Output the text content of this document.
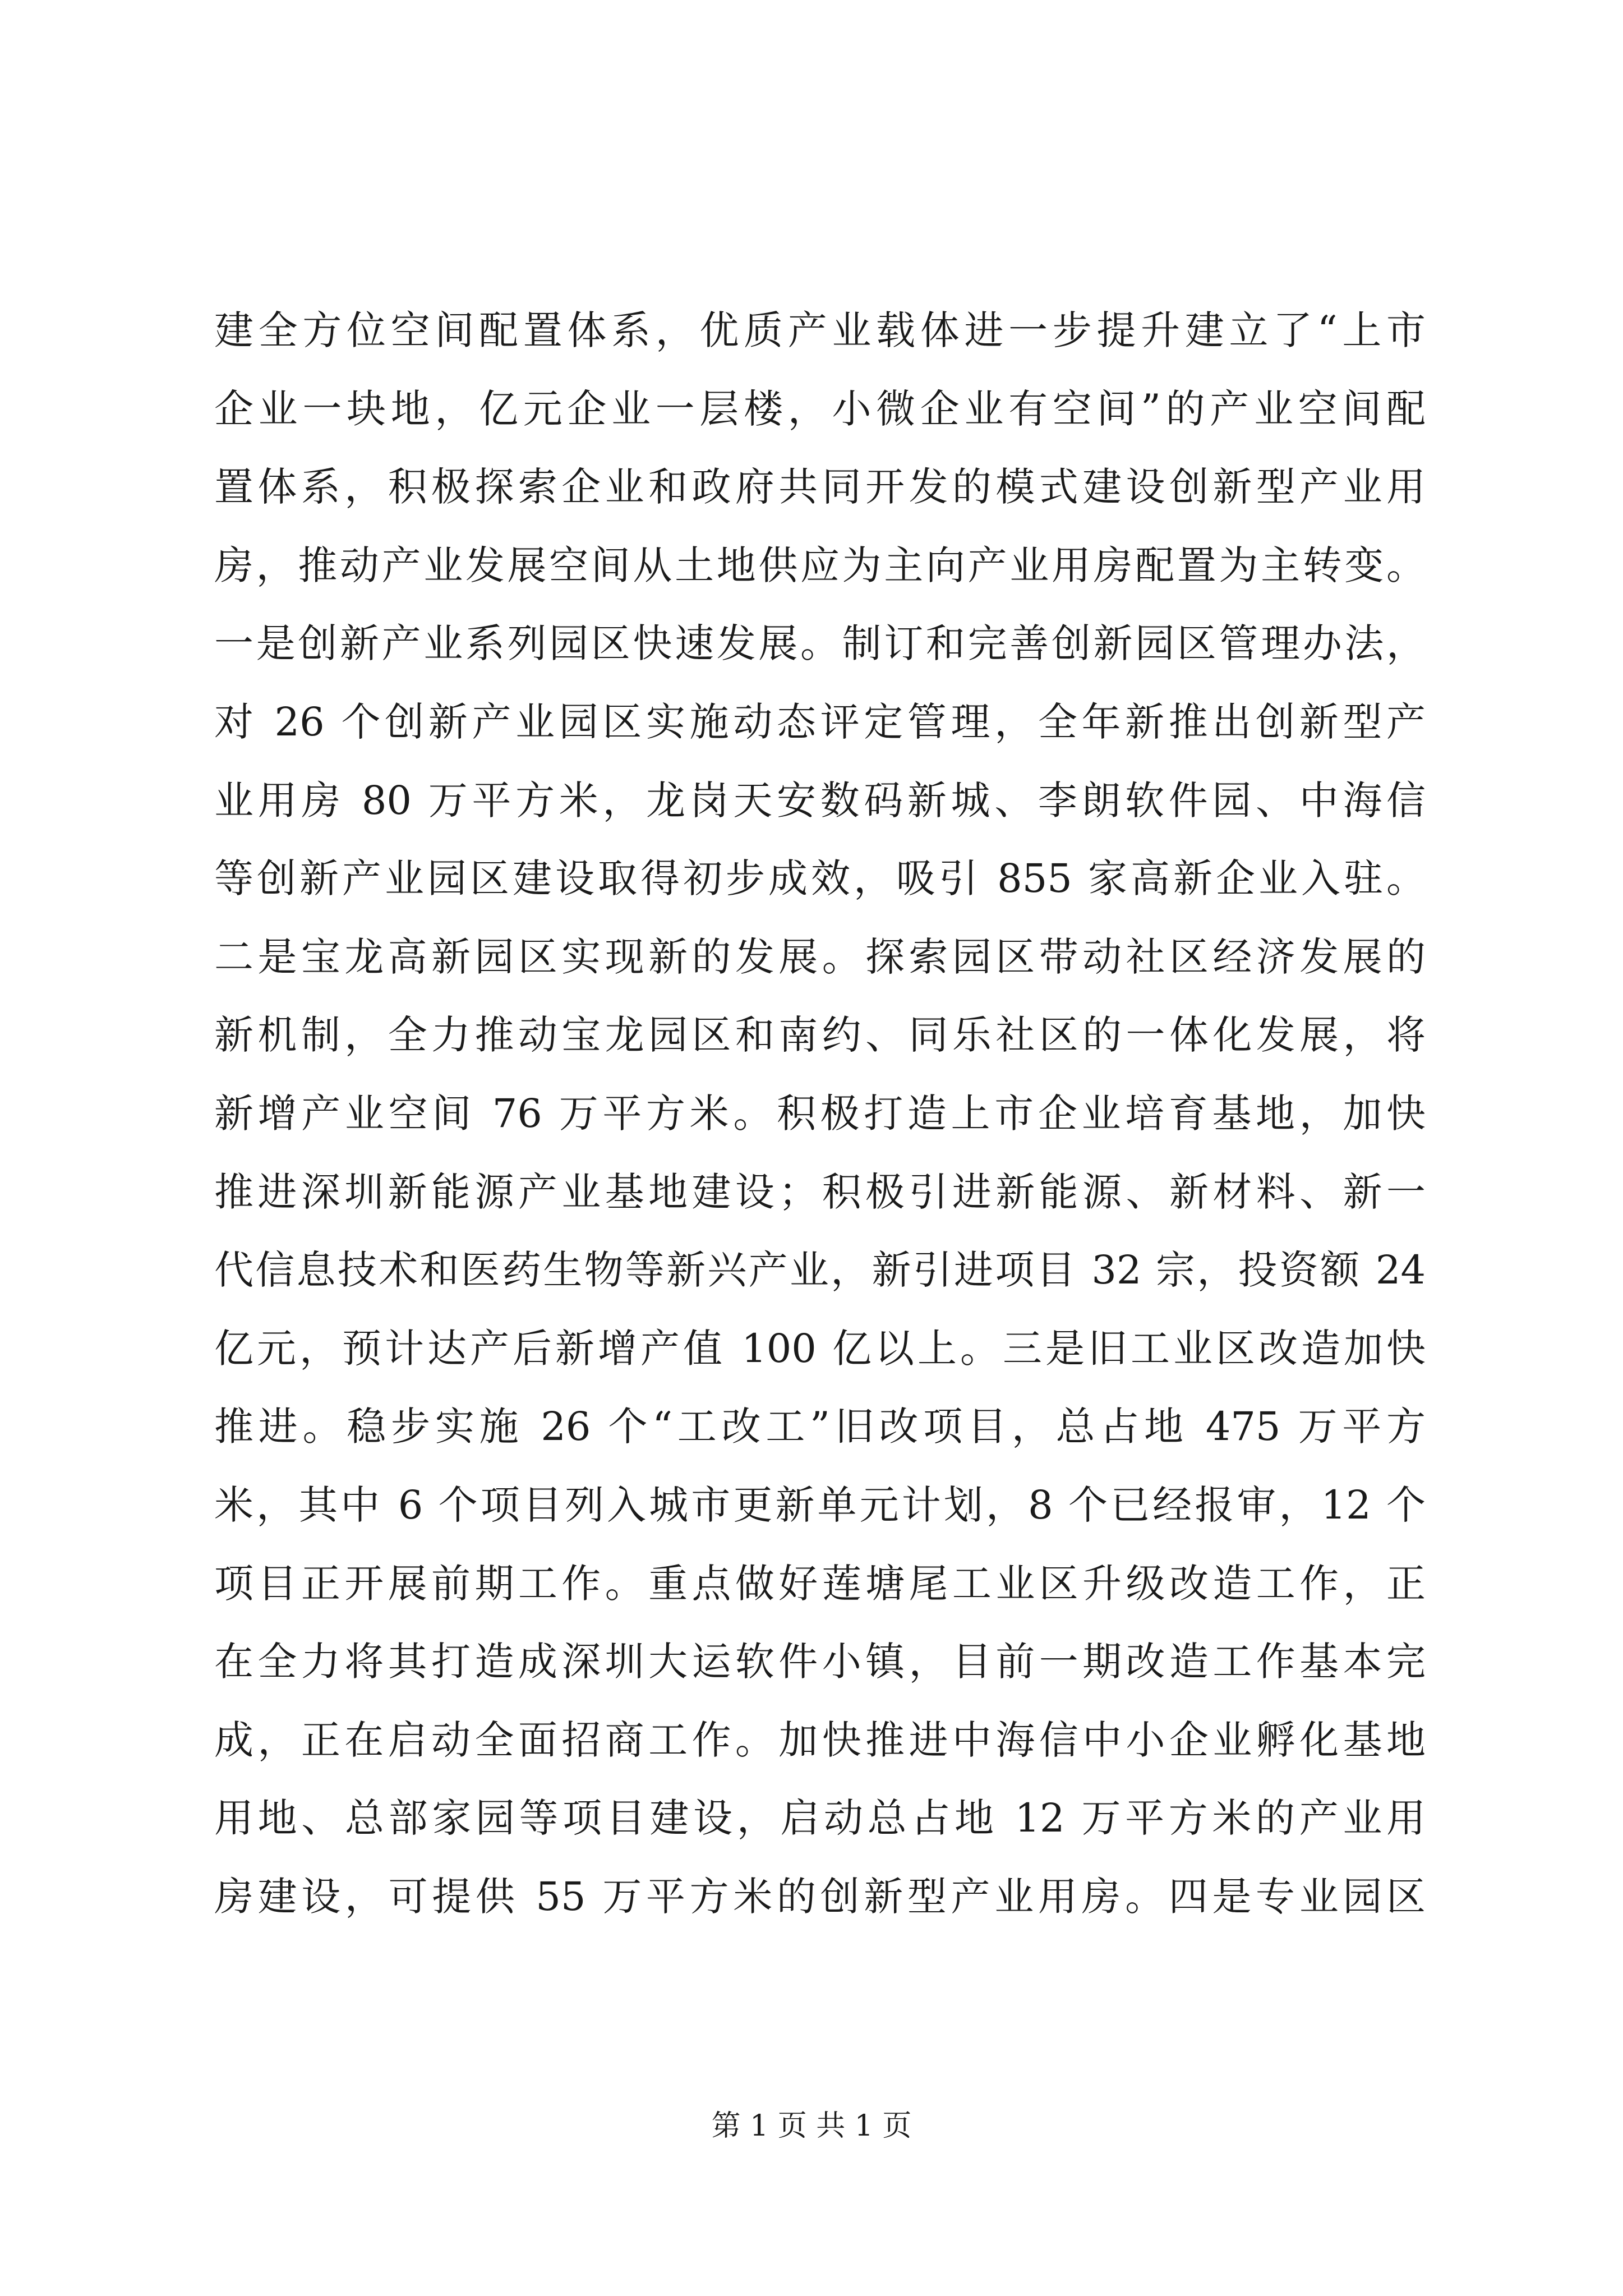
建全方位空间配置体系，优质产业载体进一步提升建立了“上市
企业一块地，亿元企业一层楼，小微企业有空间”的产业空间配
置体系，积极探索企业和政府共同开发的模式建设创新型产业用
房，推动产业发展空间从土地供应为主向产业用房配置为主转变。
一是创新产业系列园区快速发展。制订和完善创新园区管理办法，
对 26 个创新产业园区实施动态评定管理，全年新推出创新型产
业用房 80 万平方米，龙岗天安数码新城、李朗软件园、中海信
等创新产业园区建设取得初步成效，吸引 855 家高新企业入驻。
二是宝龙高新园区实现新的发展。探索园区带动社区经济发展的
新机制，全力推动宝龙园区和南约、同乐社区的一体化发展，将
新增产业空间 76 万平方米。积极打造上市企业培育基地，加快
推进深圳新能源产业基地建设；积极引进新能源、新材料、新一
代信息技术和医药生物等新兴产业，新引进项目 32 宗，投资额 24
亿元，预计达产后新增产值 100 亿以上。三是旧工业区改造加快
推进。稳步实施 26 个“工改工”旧改项目，总占地 475 万平方
米，其中 6 个项目列入城市更新单元计划，8 个已经报审，12 个
项目正开展前期工作。重点做好莲塘尾工业区升级改造工作，正
在全力将其打造成深圳大运软件小镇，目前一期改造工作基本完
成，正在启动全面招商工作。加快推进中海信中小企业孵化基地
用地、总部家园等项目建设，启动总占地 12 万平方米的产业用
房建设，可提供 55 万平方米的创新型产业用房。四是专业园区
第 1 页 共 1 页
